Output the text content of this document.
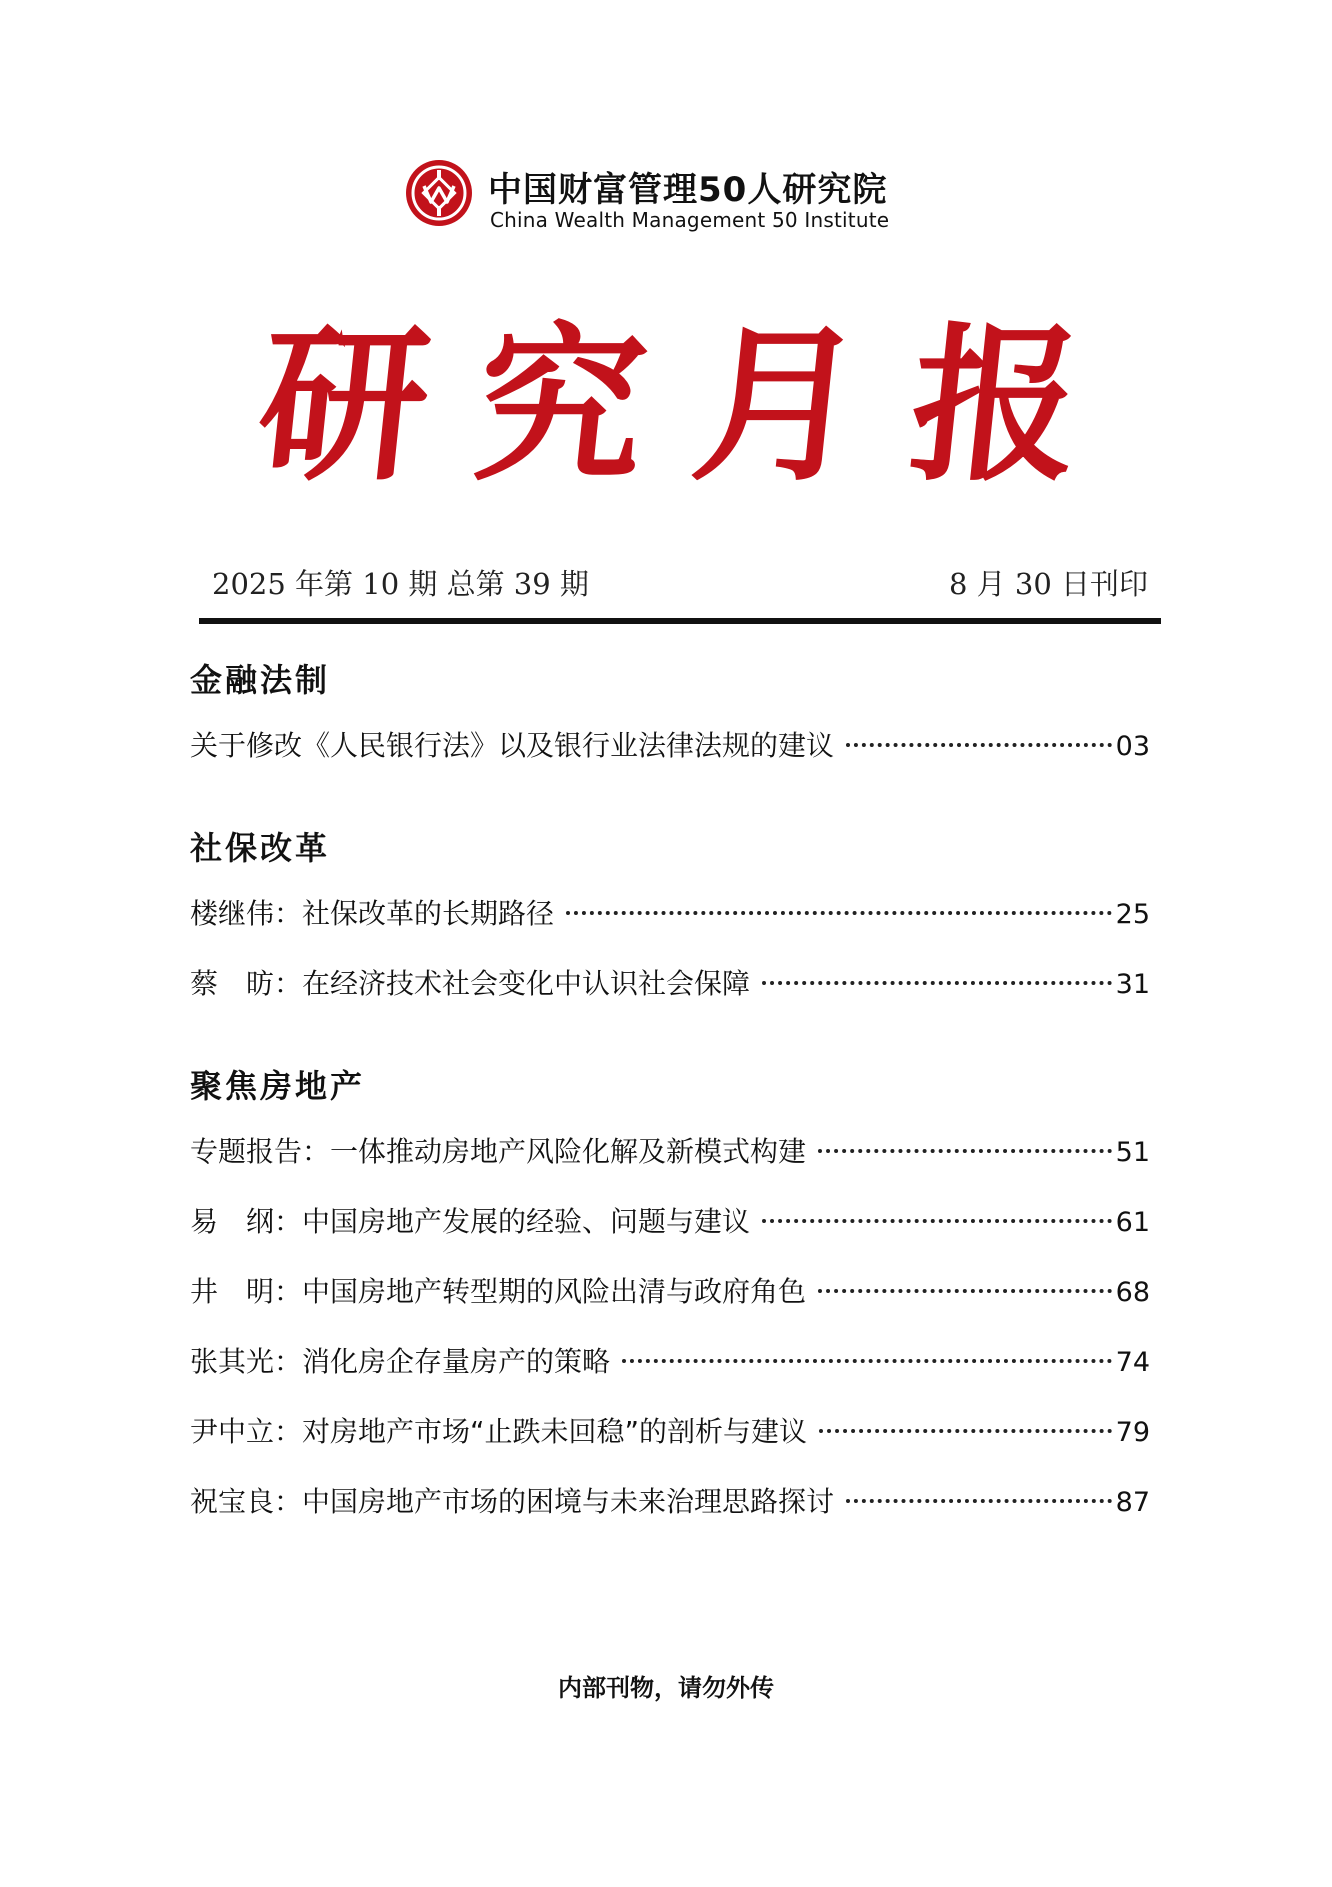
中国财富管理50人研究院
China Wealth Management 50 Institute
研 究 月 报
2025 年第 10 期 总第 39 期	8 月 30 日刊印
金融法制
关于修改《人民银行法》以及银行业法律法规的建议	03
社保改革
楼继伟：社保改革的长期路径	25
蔡　昉：在经济技术社会变化中认识社会保障	31
聚焦房地产
专题报告：一体推动房地产风险化解及新模式构建	51
易　纲：中国房地产发展的经验、问题与建议	61
井　明：中国房地产转型期的风险出清与政府角色	68
张其光：消化房企存量房产的策略	74
尹中立：对房地产市场“止跌未回稳”的剖析与建议	79
祝宝良：中国房地产市场的困境与未来治理思路探讨	87
内部刊物，请勿外传
